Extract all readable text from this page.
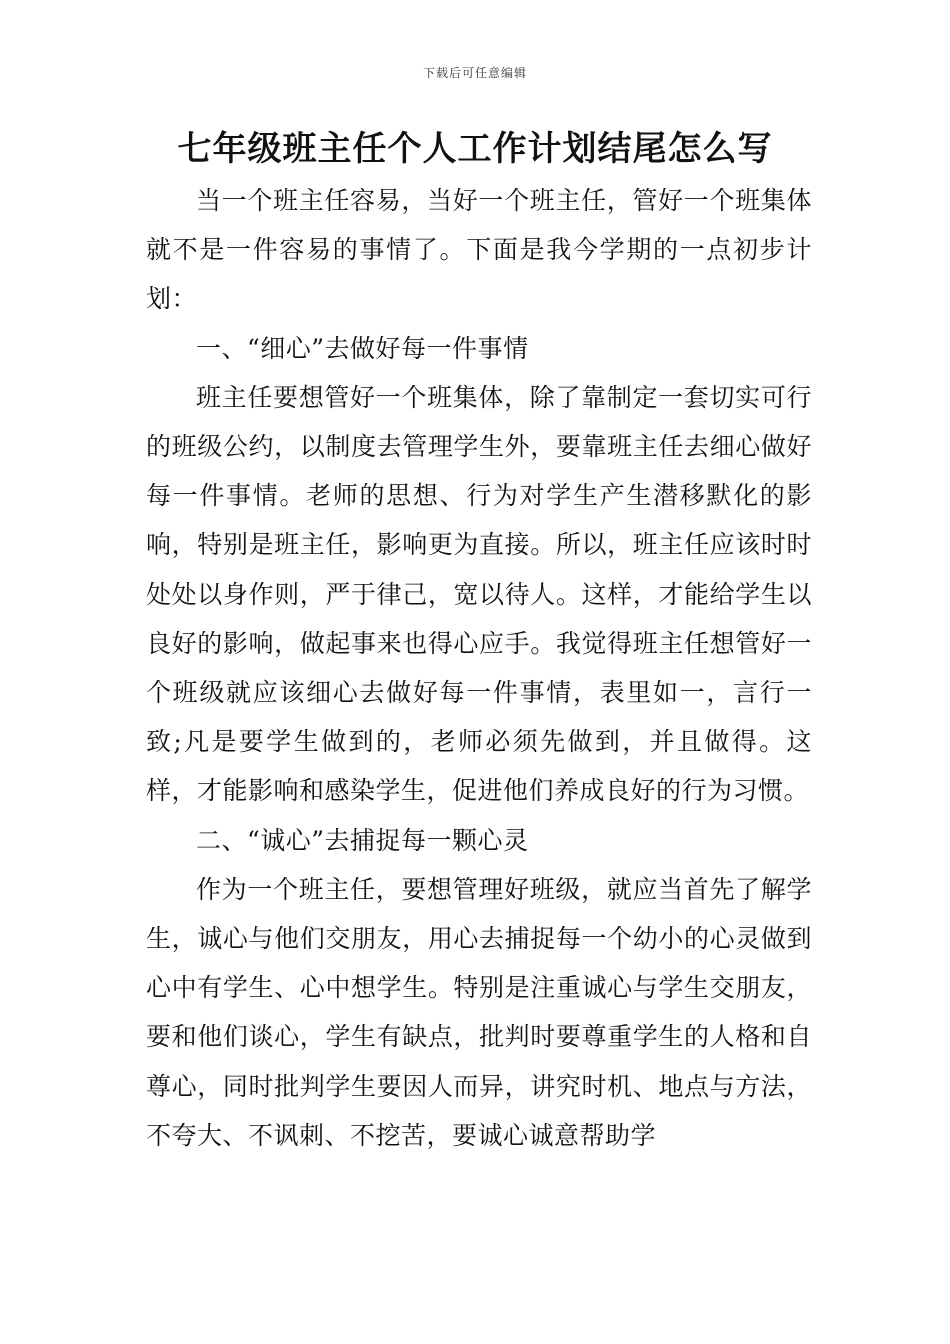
下载后可任意编辑
七年级班主任个人工作计划结尾怎么写

当一个班主任容易，当好一个班主任，管好一个班集体就不是一件容易的事情了。下面是我今学期的一点初步计划：

一、“细心”去做好每一件事情

班主任要想管好一个班集体，除了靠制定一套切实可行的班级公约，以制度去管理学生外，要靠班主任去细心做好每一件事情。老师的思想、行为对学生产生潜移默化的影响，特别是班主任，影响更为直接。所以，班主任应该时时处处以身作则，严于律己，宽以待人。这样，才能给学生以良好的影响，做起事来也得心应手。我觉得班主任想管好一个班级就应该细心去做好每一件事情，表里如一，言行一致;凡是要学生做到的，老师必须先做到，并且做得。这样，才能影响和感染学生，促进他们养成良好的行为习惯。

二、“诚心”去捕捉每一颗心灵

作为一个班主任，要想管理好班级，就应当首先了解学生，诚心与他们交朋友，用心去捕捉每一个幼小的心灵做到心中有学生、心中想学生。特别是注重诚心与学生交朋友，要和他们谈心，学生有缺点，批判时要尊重学生的人格和自尊心，同时批判学生要因人而异，讲究时机、地点与方法，不夸大、不讽刺、不挖苦，要诚心诚意帮助学
